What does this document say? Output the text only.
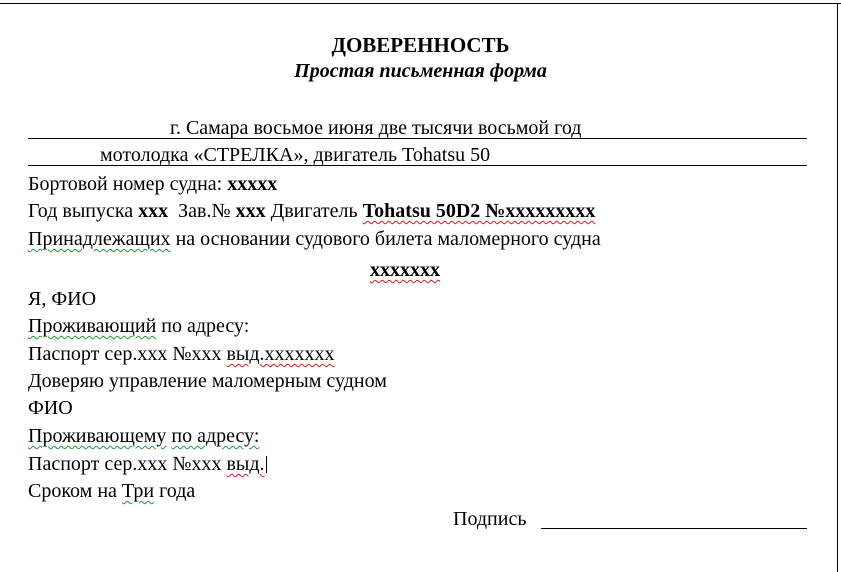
ДОВЕРЕННОСТЬ
Простая письменная форма
г. Самара восьмое июня две тысячи восьмой год
мотолодка «СТРЕЛКА», двигатель Tohatsu 50
Бортовой номер судна: ххххх
Год выпуска ххх Зав.№ ххх Двигатель Tohatsu 50D2 №ххххххххх
Принадлежащих на основании судового билета маломерного судна
ххххххх
Я, ФИО
Проживающий по адресу:
Паспорт сер.ххх №ххх выд.ххххххх
Доверяю управление маломерным судном
ФИО
Проживающему по адресу:
Паспорт сер.ххх №ххх выд.
Сроком на Три года
Подпись
